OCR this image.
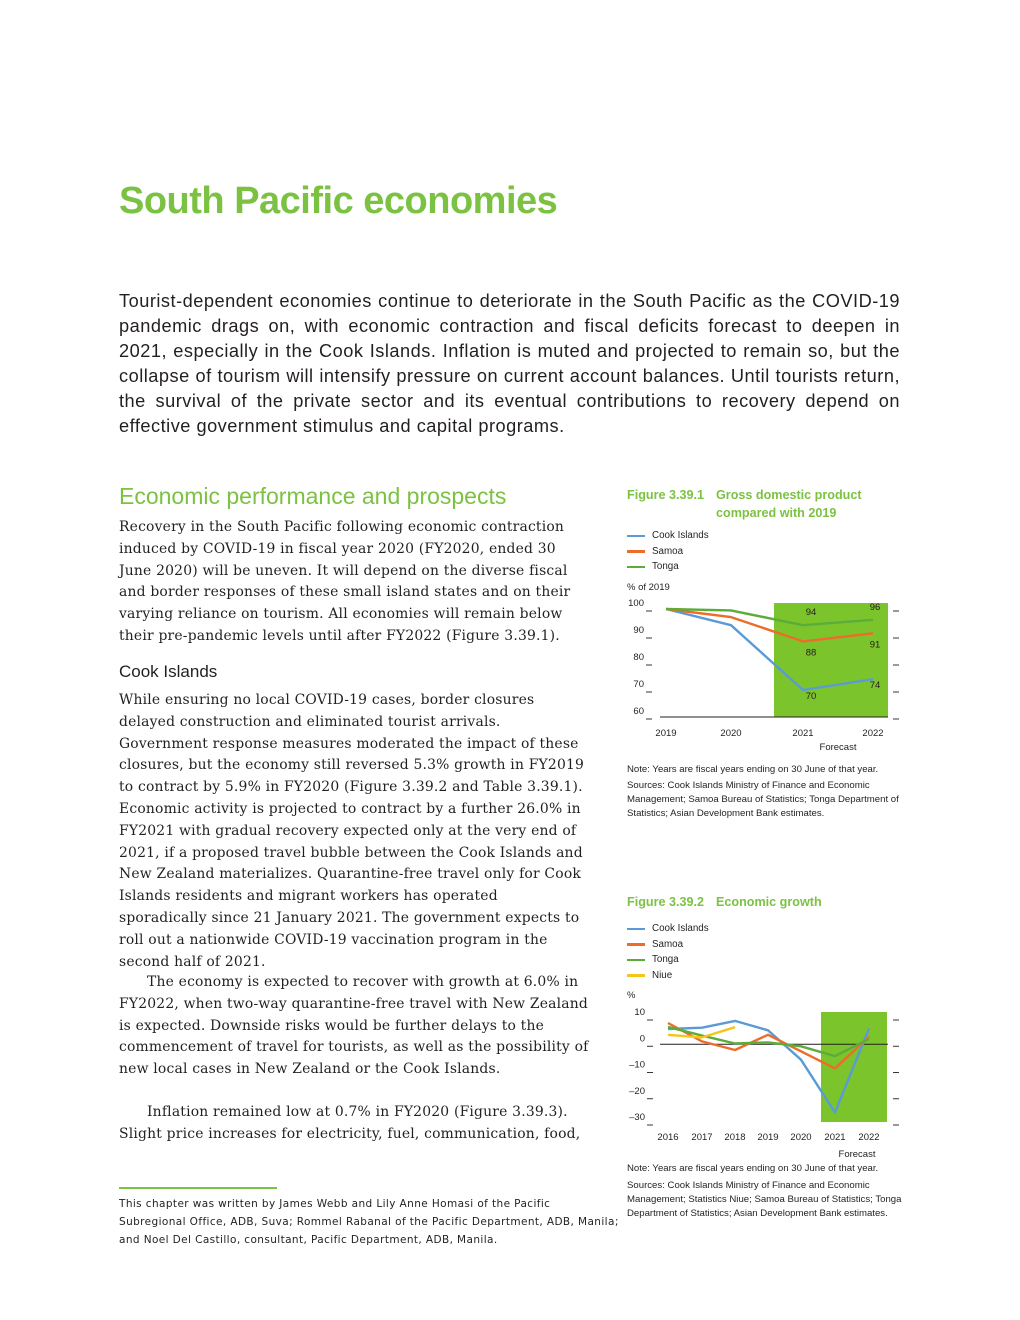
South Pacific economies

Tourist-dependent economies continue to deteriorate in the South Pacific as the COVID-19 pandemic drags on, with economic contraction and fiscal deficits forecast to deepen in 2021, especially in the Cook Islands. Inflation is muted and projected to remain so, but the collapse of tourism will intensify pressure on current account balances. Until tourists return, the survival of the private sector and its eventual contributions to recovery depend on effective government stimulus and capital programs.

Economic performance and prospects

Recovery in the South Pacific following economic contraction induced by COVID-19 in fiscal year 2020 (FY2020, ended 30 June 2020) will be uneven. It will depend on the diverse fiscal and border responses of these small island states and on their varying reliance on tourism. All economies will remain below their pre-pandemic levels until after FY2022 (Figure 3.39.1).

Cook Islands

While ensuring no local COVID-19 cases, border closures delayed construction and eliminated tourist arrivals. Government response measures moderated the impact of these closures, but the economy still reversed 5.3% growth in FY2019 to contract by 5.9% in FY2020 (Figure 3.39.2 and Table 3.39.1). Economic activity is projected to contract by a further 26.0% in FY2021 with gradual recovery expected only at the very end of 2021, if a proposed travel bubble between the Cook Islands and New Zealand materializes. Quarantine-free travel only for Cook Islands residents and migrant workers has operated sporadically since 21 January 2021. The government expects to roll out a nationwide COVID-19 vaccination program in the second half of 2021.

The economy is expected to recover with growth at 6.0% in FY2022, when two-way quarantine-free travel with New Zealand is expected. Downside risks would be further delays to the commencement of travel for tourists, as well as the possibility of new local cases in New Zealand or the Cook Islands.

Inflation remained low at 0.7% in FY2020 (Figure 3.39.3). Slight price increases for electricity, fuel, communication, food,

This chapter was written by James Webb and Lily Anne Homasi of the Pacific Subregional Office, ADB, Suva; Rommel Rabanal of the Pacific Department, ADB, Manila; and Noel Del Castillo, consultant, Pacific Department, ADB, Manila.

Figure 3.39.1 Gross domestic product
compared with 2019
Cook Islands
Samoa
Tonga
% of 2019
100
90
80
70
60
2019	2020	2021	2022
Forecast
70
74
88
91
94	96

Note: Years are fiscal years ending on 30 June of that year.

Sources: Cook Islands Ministry of Finance and Economic Management; Samoa Bureau of Statistics; Tonga Department of Statistics; Asian Development Bank estimates.

Figure 3.39.2 Economic growth
Cook Islands
Samoa
Tonga
Niue
%
10
0
–10
–20
–30
2016 2017 2018 2019 2020 2021 2022
Forecast

Note: Years are fiscal years ending on 30 June of that year.

Sources: Cook Islands Ministry of Finance and Economic Management; Statistics Niue; Samoa Bureau of Statistics; Tonga Department of Statistics; Asian Development Bank estimates.
